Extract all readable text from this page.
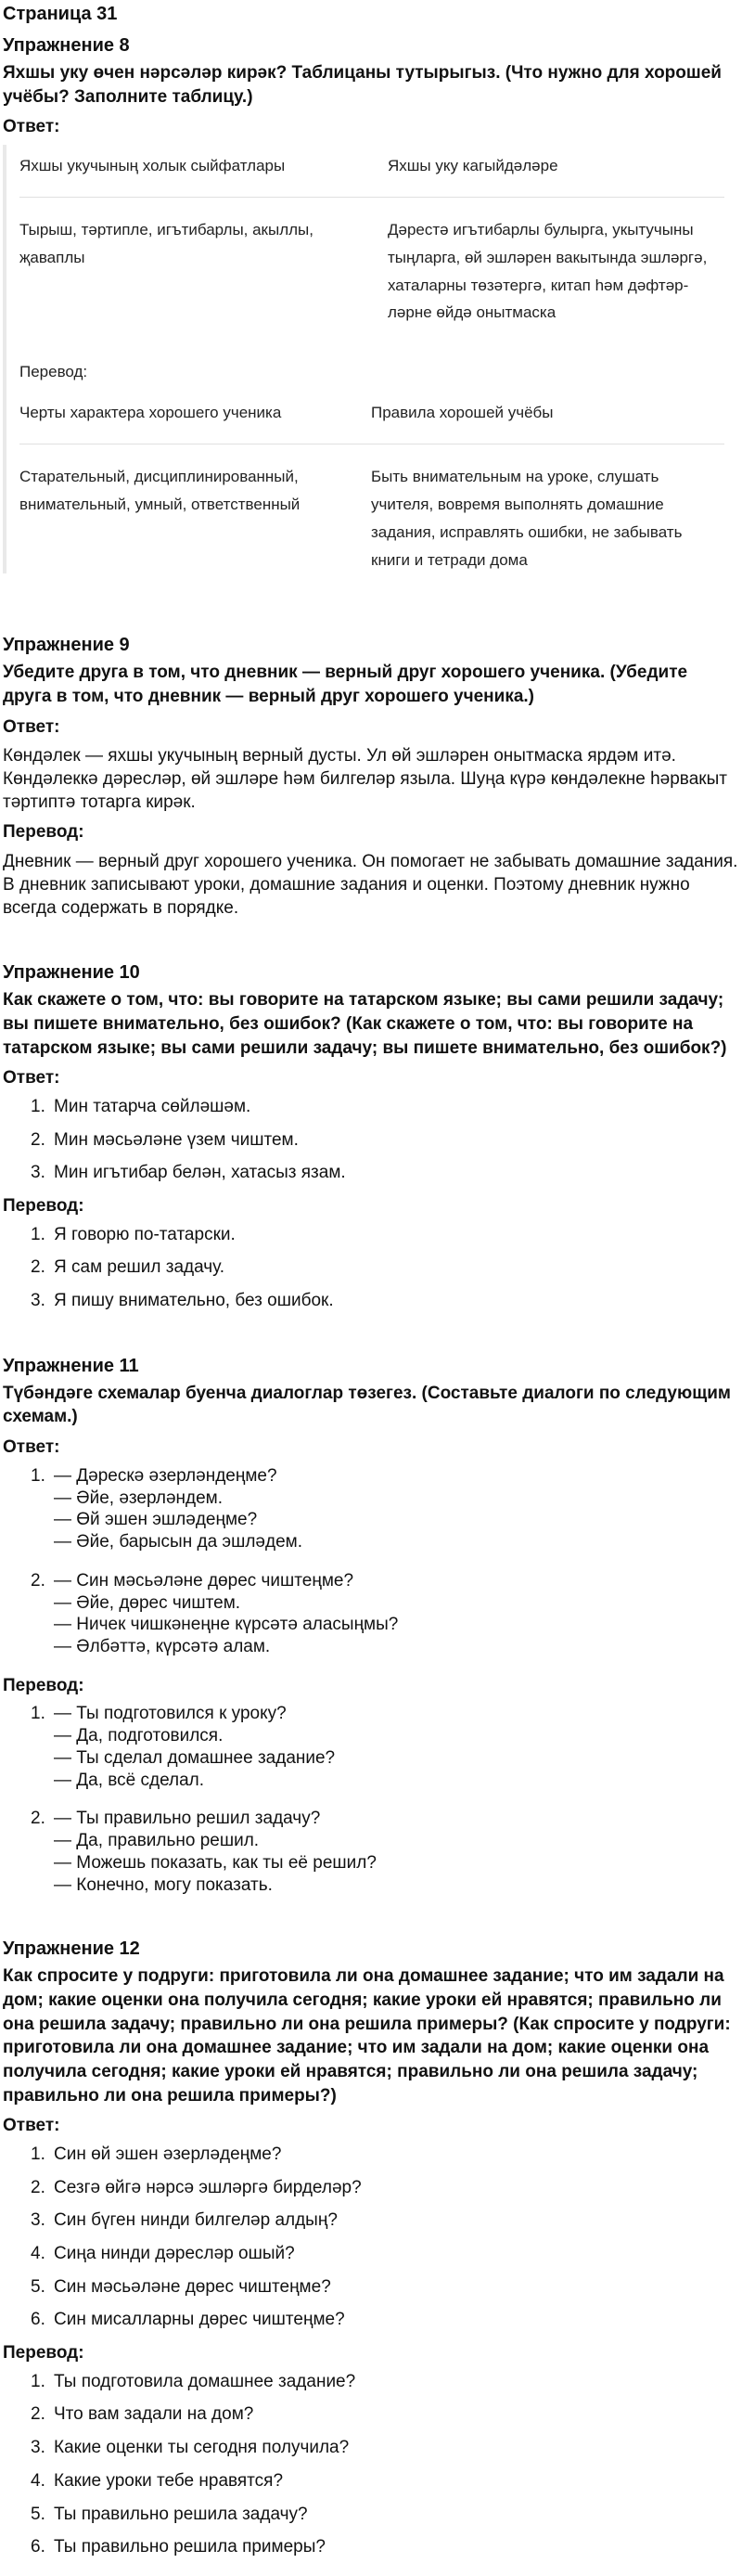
Страница 31
Упражнение 8
Яхшы уку өчен нәрсәләр кирәк? Таблицаны тутырыгыз. (Что нужно для хорошей учёбы? Заполните таблицу.)
Ответ:
Яхшы укучының холык сыйфатлары	Яхшы уку кагыйдәләре
Тырыш, тәртипле, игътибарлы, акыллы, җаваплы	Дәрестә игътибарлы булырга, укытучыны тыңларга, өй эшләрен вакытында эшләргә, хаталарны төзәтергә, китап һәм дәфтәр-ләрне өйдә онытмаска
Перевод:
Черты характера хорошего ученика	Правила хорошей учёбы
Старательный, дисциплинированный, внимательный, умный, ответственный	Быть внимательным на уроке, слушать учителя, вовремя выполнять домашние задания, исправлять ошибки, не забывать книги и тетради дома
Упражнение 9
Убедите друга в том, что дневник — верный друг хорошего ученика. (Убедите друга в том, что дневник — верный друг хорошего ученика.)
Ответ:
Көндәлек — яхшы укучының верный дусты. Ул өй эшләрен онытмаска ярдәм итә. Көндәлеккә дәресләр, өй эшләре һәм билгеләр языла. Шуңа күрә көндәлекне һәрвакыт тәртиптә тотарга кирәк.
Перевод:
Дневник — верный друг хорошего ученика. Он помогает не забывать домашние задания. В дневник записывают уроки, домашние задания и оценки. Поэтому дневник нужно всегда содержать в порядке.
Упражнение 10
Как скажете о том, что: вы говорите на татарском языке; вы сами решили задачу; вы пишете внимательно, без ошибок? (Как скажете о том, что: вы говорите на татарском языке; вы сами решили задачу; вы пишете внимательно, без ошибок?)
Ответ:
1. Мин татарча сөйләшәм.
2. Мин мәсьәләне үзем чиштем.
3. Мин игътибар белән, хатасыз язам.
Перевод:
1. Я говорю по-татарски.
2. Я сам решил задачу.
3. Я пишу внимательно, без ошибок.
Упражнение 11
Түбәндәге схемалар буенча диалоглар төзегез. (Составьте диалоги по следующим схемам.)
Ответ:
1. — Дәрескә әзерләндеңме?
— Әйе, әзерләндем.
— Өй эшен эшләдеңме?
— Әйе, барысын да эшләдем.
2. — Син мәсьәләне дөрес чиштеңме?
— Әйе, дөрес чиштем.
— Ничек чишкәнеңне күрсәтә аласыңмы?
— Әлбәттә, күрсәтә алам.
Перевод:
1. — Ты подготовился к уроку?
— Да, подготовился.
— Ты сделал домашнее задание?
— Да, всё сделал.
2. — Ты правильно решил задачу?
— Да, правильно решил.
— Можешь показать, как ты её решил?
— Конечно, могу показать.
Упражнение 12
Как спросите у подруги: приготовила ли она домашнее задание; что им задали на дом; какие оценки она получила сегодня; какие уроки ей нравятся; правильно ли она решила задачу; правильно ли она решила примеры? (Как спросите у подруги: приготовила ли она домашнее задание; что им задали на дом; какие оценки она получила сегодня; какие уроки ей нравятся; правильно ли она решила задачу; правильно ли она решила примеры?)
Ответ:
1. Син өй эшен әзерләдеңме?
2. Сезгә өйгә нәрсә эшләргә бирделәр?
3. Син бүген нинди билгеләр алдың?
4. Сиңа нинди дәресләр ошый?
5. Син мәсьәләне дөрес чиштеңме?
6. Син мисалларны дөрес чиштеңме?
Перевод:
1. Ты подготовила домашнее задание?
2. Что вам задали на дом?
3. Какие оценки ты сегодня получила?
4. Какие уроки тебе нравятся?
5. Ты правильно решила задачу?
6. Ты правильно решила примеры?
